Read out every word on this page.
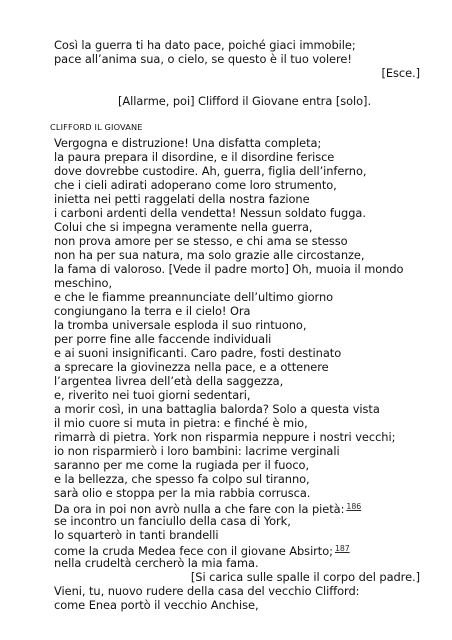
Così la guerra ti ha dato pace, poiché giaci immobile;
pace all’anima sua, o cielo, se questo è il tuo volere!
[Esce.]
[Allarme, poi] Clifford il Giovane entra [solo].
CLIFFORD IL GIOVANE
Vergogna e distruzione! Una disfatta completa;
la paura prepara il disordine, e il disordine ferisce
dove dovrebbe custodire. Ah, guerra, figlia dell’inferno,
che i cieli adirati adoperano come loro strumento,
inietta nei petti raggelati della nostra fazione
i carboni ardenti della vendetta! Nessun soldato fugga.
Colui che si impegna veramente nella guerra,
non prova amore per se stesso, e chi ama se stesso
non ha per sua natura, ma solo grazie alle circostanze,
la fama di valoroso. [Vede il padre morto] Oh, muoia il mondo
meschino,
e che le fiamme preannunciate dell’ultimo giorno
congiungano la terra e il cielo! Ora
la tromba universale esploda il suo rintuono,
per porre fine alle faccende individuali
e ai suoni insignificanti. Caro padre, fosti destinato
a sprecare la giovinezza nella pace, e a ottenere
l’argentea livrea dell’età della saggezza,
e, riverito nei tuoi giorni sedentari,
a morir così, in una battaglia balorda? Solo a questa vista
il mio cuore si muta in pietra: e finché è mio,
rimarrà di pietra. York non risparmia neppure i nostri vecchi;
io non risparmierò i loro bambini: lacrime verginali
saranno per me come la rugiada per il fuoco,
e la bellezza, che spesso fa colpo sul tiranno,
sarà olio e stoppa per la mia rabbia corrusca.
Da ora in poi non avrò nulla a che fare con la pietà: $^{186}$
se incontro un fanciullo della casa di York,
lo squarterò in tanti brandelli
come la cruda Medea fece con il giovane Absirto; $^{187}$
nella crudeltà cercherò la mia fama.
[Si carica sulle spalle il corpo del padre.]
Vieni, tu, nuovo rudere della casa del vecchio Clifford:
come Enea portò il vecchio Anchise,
